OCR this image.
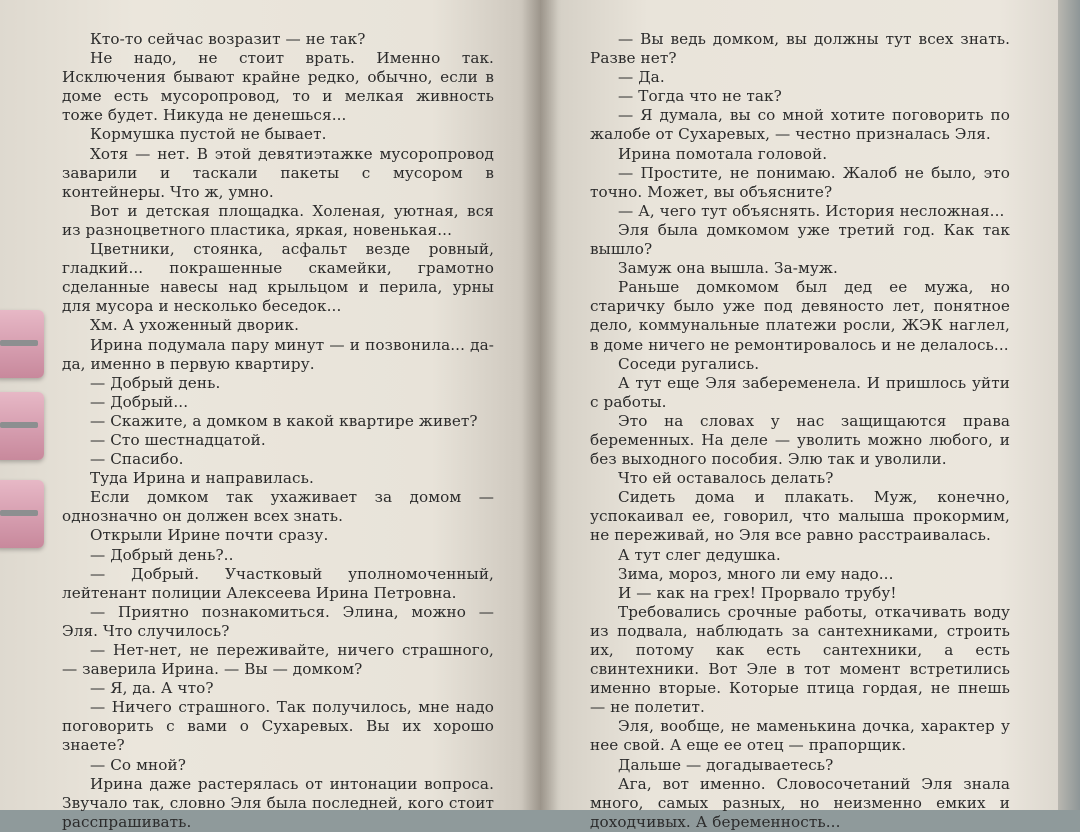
Кто-то сейчас возразит — не так?

Не надо, не стоит врать. Именно так. Исключения бывают крайне редко, обычно, если в доме есть мусоропровод, то и мелкая живность тоже будет. Никуда не денешься...

Кормушка пустой не бывает.

Хотя — нет. В этой девятиэтажке мусоропровод заварили и таскали пакеты с мусором в контейнеры. Что ж, умно.

Вот и детская площадка. Холеная, уютная, вся из разноцветного пластика, яркая, новенькая...

Цветники, стоянка, асфальт везде ровный, гладкий... покрашенные скамейки, грамотно сделанные навесы над крыльцом и перила, урны для мусора и несколько беседок...

Хм. А ухоженный дворик.

Ирина подумала пару минут — и позвонила... да-да, именно в первую квартиру.

— Добрый день.

— Добрый...

— Скажите, а домком в какой квартире живет?

— Сто шестнадцатой.

— Спасибо.

Туда Ирина и направилась.

Если домком так ухаживает за домом — однозначно он должен всех знать.

Открыли Ирине почти сразу.

— Добрый день?..

— Добрый. Участковый уполномоченный, лейтенант полиции Алексеева Ирина Петровна.

— Приятно познакомиться. Элина, можно — Эля. Что случилось?

— Нет-нет, не переживайте, ничего страшного, — заверила Ирина. — Вы — домком?

— Я, да. А что?

— Ничего страшного. Так получилось, мне надо поговорить с вами о Сухаревых. Вы их хорошо знаете?

— Со мной?

Ирина даже растерялась от интонации вопроса. Звучало так, словно Эля была последней, кого стоит расспрашивать.

— Вы ведь домком, вы должны тут всех знать. Разве нет?

— Да.

— Тогда что не так?

— Я думала, вы со мной хотите поговорить по жалобе от Сухаревых, — честно призналась Эля.

Ирина помотала головой.

— Простите, не понимаю. Жалоб не было, это точно. Может, вы объясните?

— А, чего тут объяснять. История несложная...

Эля была домкомом уже третий год. Как так вышло?

Замуж она вышла. За-муж.

Раньше домкомом был дед ее мужа, но старичку было уже под девяносто лет, понятное дело, коммунальные платежи росли, ЖЭК наглел, в доме ничего не ремонтировалось и не делалось...

Соседи ругались.

А тут еще Эля забеременела. И пришлось уйти с работы.

Это на словах у нас защищаются права беременных. На деле — уволить можно любого, и без выходного пособия. Элю так и уволили.

Что ей оставалось делать?

Сидеть дома и плакать. Муж, конечно, успокаивал ее, говорил, что малыша прокормим, не переживай, но Эля все равно расстраивалась.

А тут слег дедушка.

Зима, мороз, много ли ему надо...

И — как на грех! Прорвало трубу!

Требовались срочные работы, откачивать воду из подвала, наблюдать за сантехниками, строить их, потому как есть сантехники, а есть свинтехники. Вот Эле в тот момент встретились именно вторые. Которые птица гордая, не пнешь — не полетит.

Эля, вообще, не маменькина дочка, характер у нее свой. А еще ее отец — прапорщик.

Дальше — догадываетесь?

Ага, вот именно. Словосочетаний Эля знала много, самых разных, но неизменно емких и доходчивых. А беременность...
